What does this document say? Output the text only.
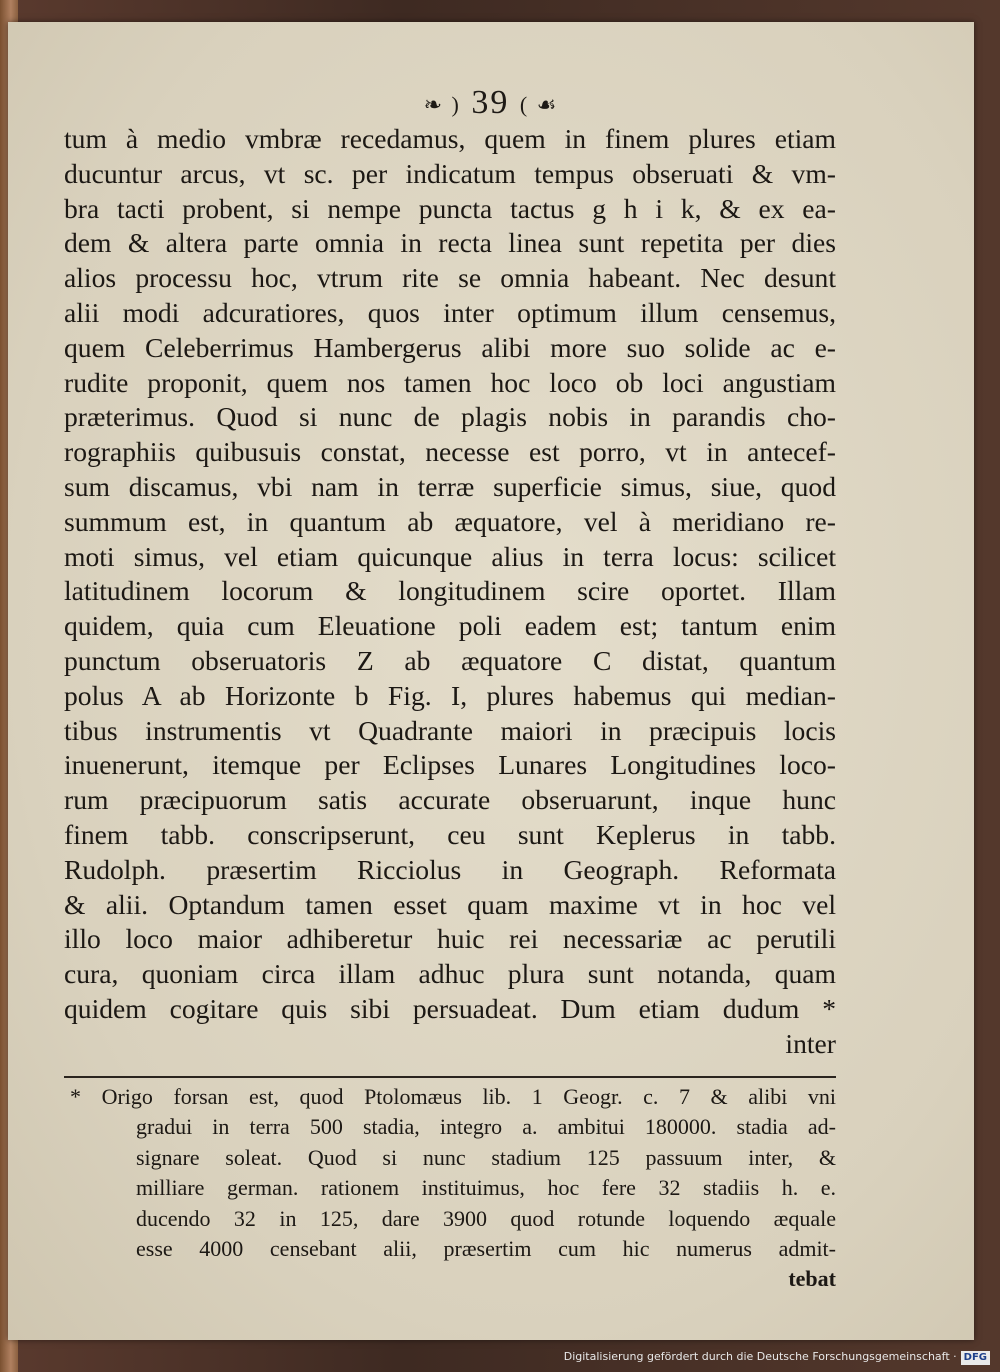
❧ ) 39 ( ☙
tum à medio vmbræ recedamus, quem in finem plures etiam
ducuntur arcus, vt sc. per indicatum tempus obseruati & vm-
bra tacti probent, si nempe puncta tactus g h i k, & ex ea-
dem & altera parte omnia in recta linea sunt repetita per dies
alios processu hoc, vtrum rite se omnia habeant. Nec desunt
alii modi adcuratiores, quos inter optimum illum censemus,
quem Celeberrimus Hambergerus alibi more suo solide ac e-
rudite proponit, quem nos tamen hoc loco ob loci angustiam
præterimus. Quod si nunc de plagis nobis in parandis cho-
rographiis quibusuis constat, necesse est porro, vt in antecef-
sum discamus, vbi nam in terræ superficie simus, siue, quod
summum est, in quantum ab æquatore, vel à meridiano re-
moti simus, vel etiam quicunque alius in terra locus: scilicet
latitudinem locorum & longitudinem scire oportet. Illam
quidem, quia cum Eleuatione poli eadem est; tantum enim
punctum obseruatoris Z ab æquatore C distat, quantum
polus A ab Horizonte b Fig. I, plures habemus qui median-
tibus instrumentis vt Quadrante maiori in præcipuis locis
inuenerunt, itemque per Eclipses Lunares Longitudines loco-
rum præcipuorum satis accurate obseruarunt, inque hunc
finem tabb. conscripserunt, ceu sunt Keplerus in tabb.
Rudolph. præsertim Ricciolus in Geograph. Reformata
& alii. Optandum tamen esset quam maxime vt in hoc vel
illo loco maior adhiberetur huic rei necessariæ ac perutili
cura, quoniam circa illam adhuc plura sunt notanda, quam
quidem cogitare quis sibi persuadeat. Dum etiam dudum *
inter
* Origo forsan est, quod Ptolomæus lib. 1 Geogr. c. 7 & alibi vni
gradui in terra 500 stadia, integro a. ambitui 180000. stadia ad-
signare soleat. Quod si nunc stadium 125 passuum inter, &
milliare german. rationem instituimus, hoc fere 32 stadiis h. e.
ducendo 32 in 125, dare 3900 quod rotunde loquendo æquale
esse 4000 censebant alii, præsertim cum hic numerus admit-
tebat
Digitalisierung gefördert durch die Deutsche Forschungsgemeinschaft · DFG
